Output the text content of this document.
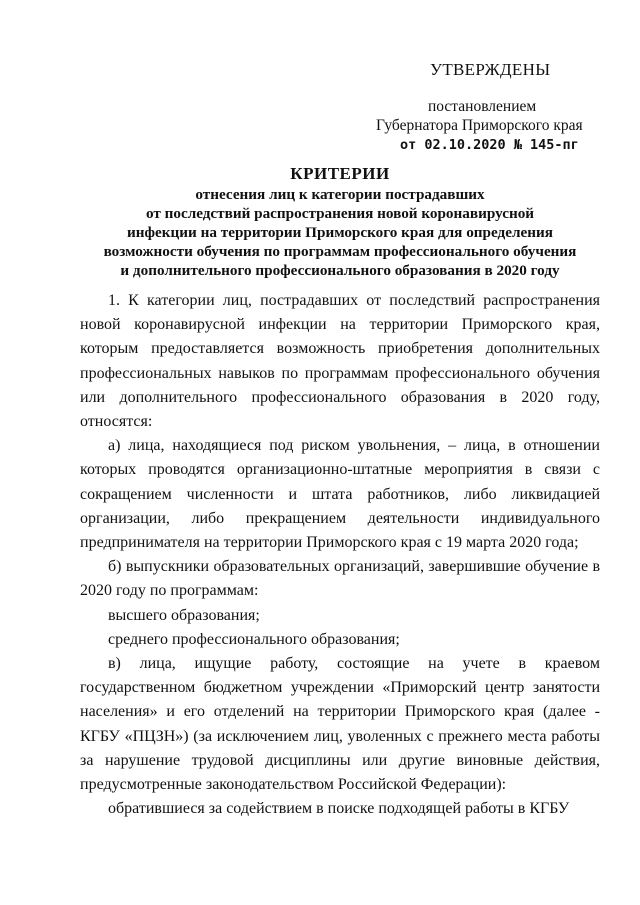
УТВЕРЖДЕНЫ
постановлением
Губернатора Приморского края
от 02.10.2020 № 145-пг
КРИТЕРИИ
отнесения лиц к категории пострадавших
от последствий распространения новой коронавирусной
инфекции на территории Приморского края для определения
возможности обучения по программам профессионального обучения
и дополнительного профессионального образования в 2020 году

1. К категории лиц, пострадавших от последствий распространения новой коронавирусной инфекции на территории Приморского края, которым предоставляется возможность приобретения дополнительных профессиональных навыков по программам профессионального обучения или дополнительного профессионального образования в 2020 году, относятся:

а) лица, находящиеся под риском увольнения, – лица, в отношении которых проводятся организационно-штатные мероприятия в связи с сокращением численности и штата работников, либо ликвидацией организации, либо прекращением деятельности индивидуального предпринимателя на территории Приморского края с 19 марта 2020 года;

б) выпускники образовательных организаций, завершившие обучение в 2020 году по программам:

высшего образования;

среднего профессионального образования;

в) лица, ищущие работу, состоящие на учете в краевом государственном бюджетном учреждении «Приморский центр занятости населения» и его отделений на территории Приморского края (далее - КГБУ «ПЦЗН») (за исключением лиц, уволенных с прежнего места работы за нарушение трудовой дисциплины или другие виновные действия, предусмотренные законодательством Российской Федерации):

обратившиеся за содействием в поиске подходящей работы в КГБУ
